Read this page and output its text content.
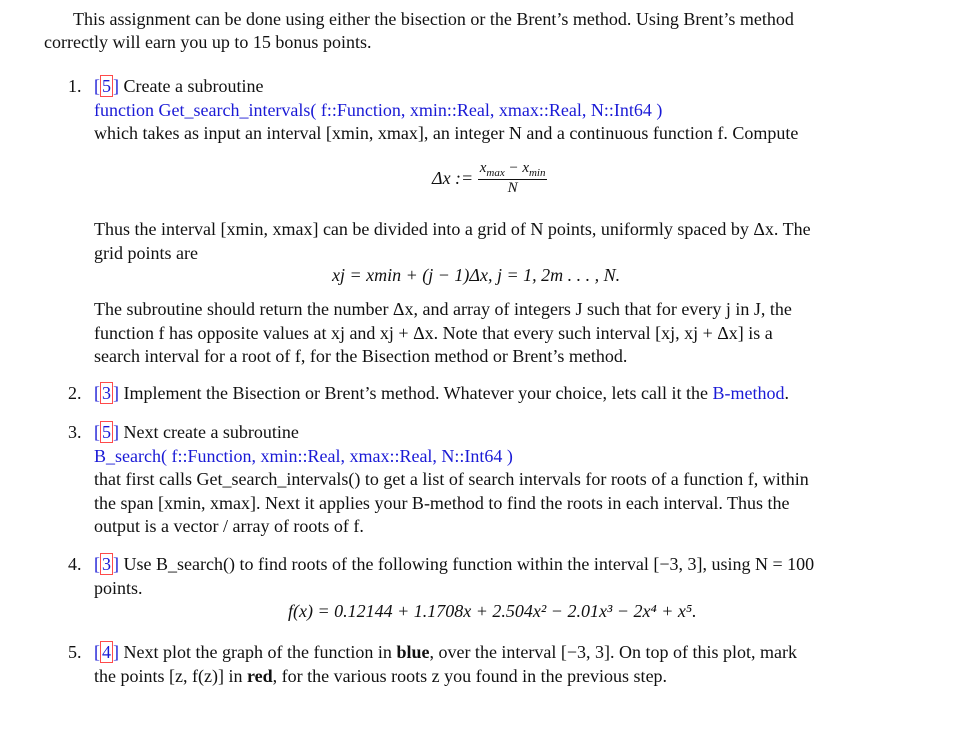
This assignment can be done using either the bisection or the Brent’s method. Using Brent’s method
correctly will earn you up to 15 bonus points.
1. [ 5 ] Create a subroutine
function Get_search_intervals( f::Function, xmin::Real, xmax::Real, N::Int64 )
which takes as input an interval [xmin, xmax], an integer N and a continuous function f. Compute
Δx := $\frac{x_{max} - x_{min}}{N}$
Thus the interval [xmin, xmax] can be divided into a grid of N points, uniformly spaced by Δx. The
grid points are
xj = xmin + (j − 1)Δx, j = 1, 2m . . . , N.
The subroutine should return the number Δx, and array of integers J such that for every j in J, the
function f has opposite values at xj and xj + Δx. Note that every such interval [xj, xj + Δx] is a
search interval for a root of f, for the Bisection method or Brent’s method.
2. [ 3 ] Implement the Bisection or Brent’s method. Whatever your choice, lets call it the B-method.
3. [ 5 ] Next create a subroutine
B_search( f::Function, xmin::Real, xmax::Real, N::Int64 )
that first calls Get_search_intervals() to get a list of search intervals for roots of a function f, within
the span [xmin, xmax]. Next it applies your B-method to find the roots in each interval. Thus the
output is a vector / array of roots of f.
4. [ 3 ] Use B_search() to find roots of the following function within the interval [−3, 3], using N = 100
points.
f(x) = 0.12144 + 1.1708x + 2.504x² − 2.01x³ − 2x⁴ + x⁵.
5. [ 4 ] Next plot the graph of the function in blue, over the interval [−3, 3]. On top of this plot, mark
the points [z, f(z)] in red, for the various roots z you found in the previous step.
